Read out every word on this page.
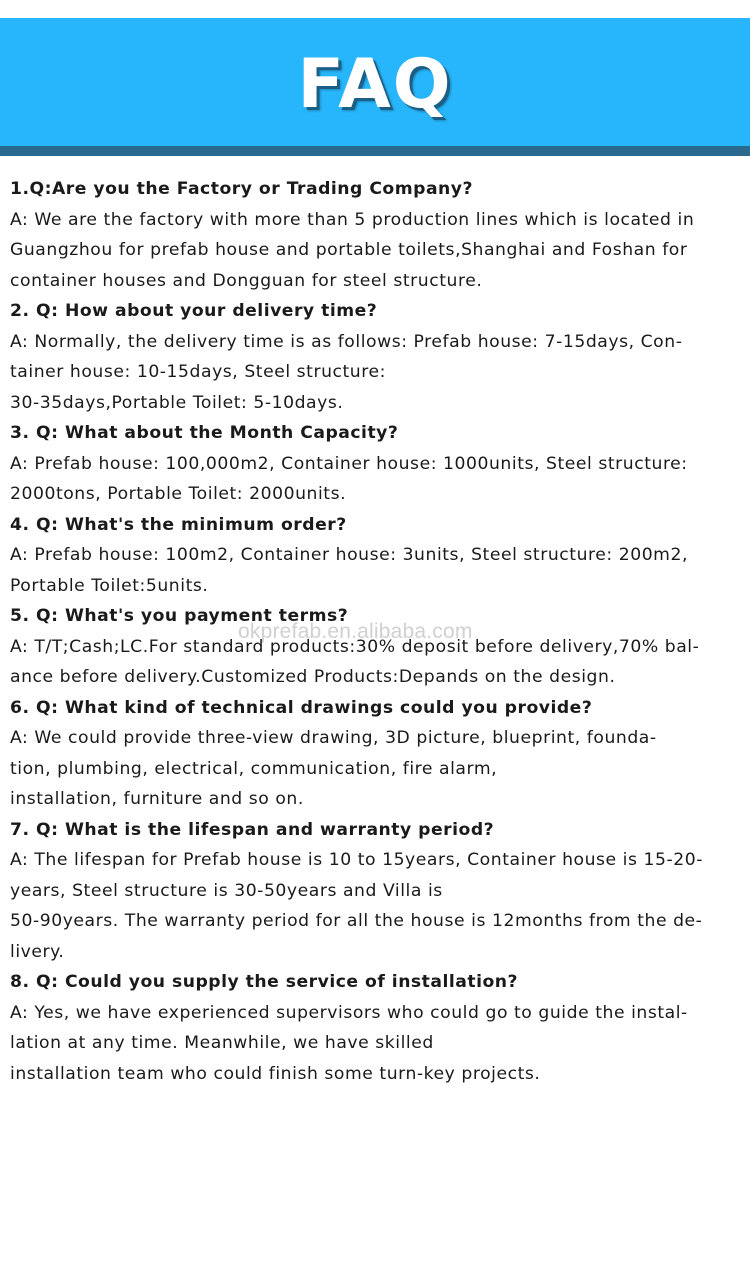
FAQ
1.Q:Are you the Factory or Trading Company?
A: We are the factory with more than 5 production lines which is located in
Guangzhou for prefab house and portable toilets,Shanghai and Foshan for
container houses and Dongguan for steel structure.
2. Q: How about your delivery time?
A: Normally, the delivery time is as follows: Prefab house: 7-15days, Con-
tainer house: 10-15days, Steel structure:
30-35days,Portable Toilet: 5-10days.
3. Q: What about the Month Capacity?
A: Prefab house: 100,000m2, Container house: 1000units, Steel structure:
2000tons, Portable Toilet: 2000units.
4. Q: What's the minimum order?
A: Prefab house: 100m2, Container house: 3units, Steel structure: 200m2,
Portable Toilet:5units.
5. Q: What's you payment terms?
A: T/T;Cash;LC.For standard products:30% deposit before delivery,70% bal-
ance before delivery.Customized Products:Depands on the design.
6. Q: What kind of technical drawings could you provide?
A: We could provide three-view drawing, 3D picture, blueprint, founda-
tion, plumbing, electrical, communication, fire alarm,
installation, furniture and so on.
7. Q: What is the lifespan and warranty period?
A: The lifespan for Prefab house is 10 to 15years, Container house is 15-20-
years, Steel structure is 30-50years and Villa is
50-90years. The warranty period for all the house is 12months from the de-
livery.
8. Q: Could you supply the service of installation?
A: Yes, we have experienced supervisors who could go to guide the instal-
lation at any time. Meanwhile, we have skilled
installation team who could finish some turn-key projects.
okprefab.en.alibaba.com
